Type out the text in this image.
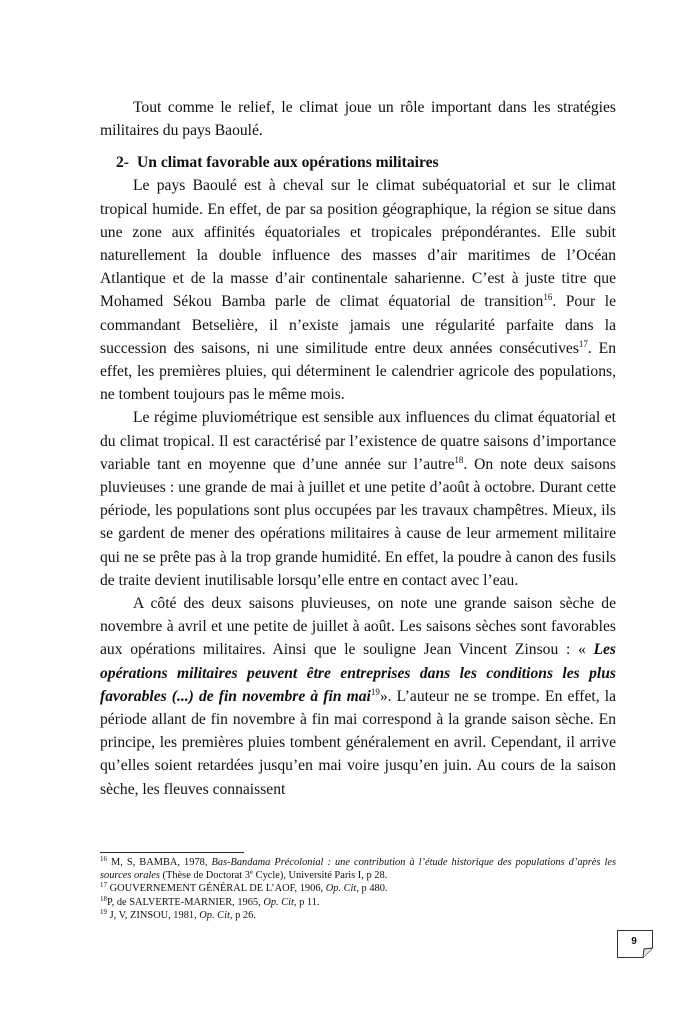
Tout comme le relief, le climat joue un rôle important dans les stratégies militaires du pays Baoulé.

2- Un climat favorable aux opérations militaires

Le pays Baoulé est à cheval sur le climat subéquatorial et sur le climat tropical humide. En effet, de par sa position géographique, la région se situe dans une zone aux affinités équatoriales et tropicales prépondérantes. Elle subit naturellement la double influence des masses d’air maritimes de l’Océan Atlantique et de la masse d’air continentale saharienne. C’est à juste titre que Mohamed Sékou Bamba parle de climat équatorial de transition$^{16}$. Pour le commandant Betselière, il n’existe jamais une régularité parfaite dans la succession des saisons, ni une similitude entre deux années consécutives$^{17}$. En effet, les premières pluies, qui déterminent le calendrier agricole des populations, ne tombent toujours pas le même mois.

Le régime pluviométrique est sensible aux influences du climat équatorial et du climat tropical. Il est caractérisé par l’existence de quatre saisons d’importance variable tant en moyenne que d’une année sur l’autre$^{18}$. On note deux saisons pluvieuses : une grande de mai à juillet et une petite d’août à octobre. Durant cette période, les populations sont plus occupées par les travaux champêtres. Mieux, ils se gardent de mener des opérations militaires à cause de leur armement militaire qui ne se prête pas à la trop grande humidité. En effet, la poudre à canon des fusils de traite devient inutilisable lorsqu’elle entre en contact avec l’eau.

A côté des deux saisons pluvieuses, on note une grande saison sèche de novembre à avril et une petite de juillet à août. Les saisons sèches sont favorables aux opérations militaires. Ainsi que le souligne Jean Vincent Zinsou : « Les opérations militaires peuvent être entreprises dans les conditions les plus favorables (...) de fin novembre à fin mai$^{19}$». L’auteur ne se trompe. En effet, la période allant de fin novembre à fin mai correspond à la grande saison sèche. En principe, les premières pluies tombent généralement en avril. Cependant, il arrive qu’elles soient retardées jusqu’en mai voire jusqu’en juin. Au cours de la saison sèche, les fleuves connaissent

$^{16}$ M, S, BAMBA, 1978, Bas-Bandama Précolonial : une contribution à l’étude historique des populations d’après les sources orales (Thèse de Doctorat 3e Cycle), Université Paris I, p 28.

$^{17}$ GOUVERNEMENT GÉNÉRAL DE L’AOF, 1906, Op. Cit, p 480.

$^{18}$P, de SALVERTE-MARNIER, 1965, Op. Cit, p 11.

$^{19}$ J, V, ZINSOU, 1981, Op. Cit, p 26.

9
